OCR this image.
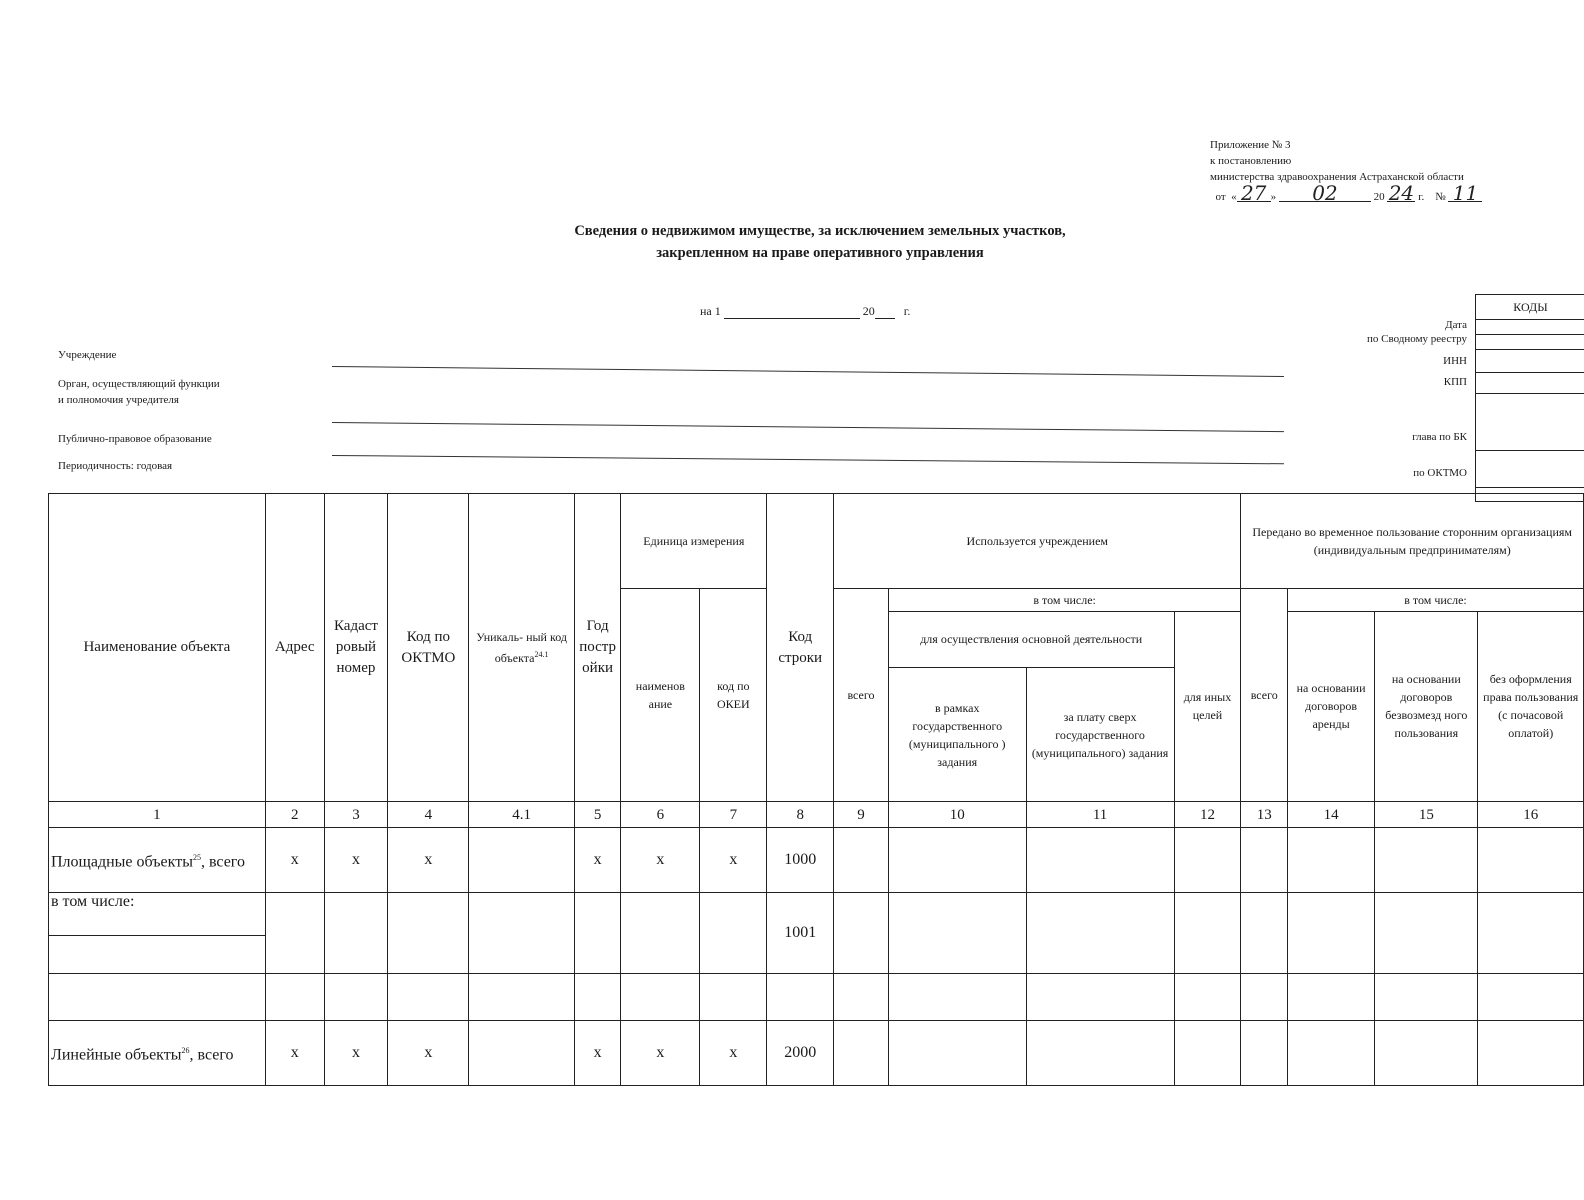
Приложение № 3
к постановлению
министерства здравоохранения Астраханской области
от  « 27 » 02	20 24 г. № 11
Сведения о недвижимом имуществе, за исключением земельных участков,
закрепленном на праве оперативного управления
на 1	20 г.
Учреждение
Орган, осуществляющий функции
и полномочия учредителя
Публично-правовое образование
Периодичность: годовая
Дата
по Сводному реестру
ИНН
КПП
глава по БК
по ОКТМО
КОДЫ
Наименование объекта	Адрес	Кадаст ровый номер	Код по ОКТМО	Уникаль- ный код объекта$^{24.1}$	Год постр ойки	Единица измерения		Код строки	Используется учреждением				Передано во временное пользование сторонним организациям (индивидуальным предпринимателям)			
						наименов ание	код по ОКЕИ		всего	в том числе:			всего	в том числе:		
										для осуществления основной деятельности		для иных целей		на основании договоров аренды	на основании договоров безвозмезд ного пользования	без оформления права пользования (с почасовой оплатой)
										в рамках государственного (муниципального ) задания	за плату сверх государственного (муниципального) задания					
1	2	3	4	4.1	5	6	7	8	9	10	11	12	13	14	15	16
Площадные объекты$^{25}$, всего	х	х	х		х	х	х	1000								
в том числе:								1001								

Линейные объекты$^{26}$, всего	х	х	х		х	х	х	2000								
